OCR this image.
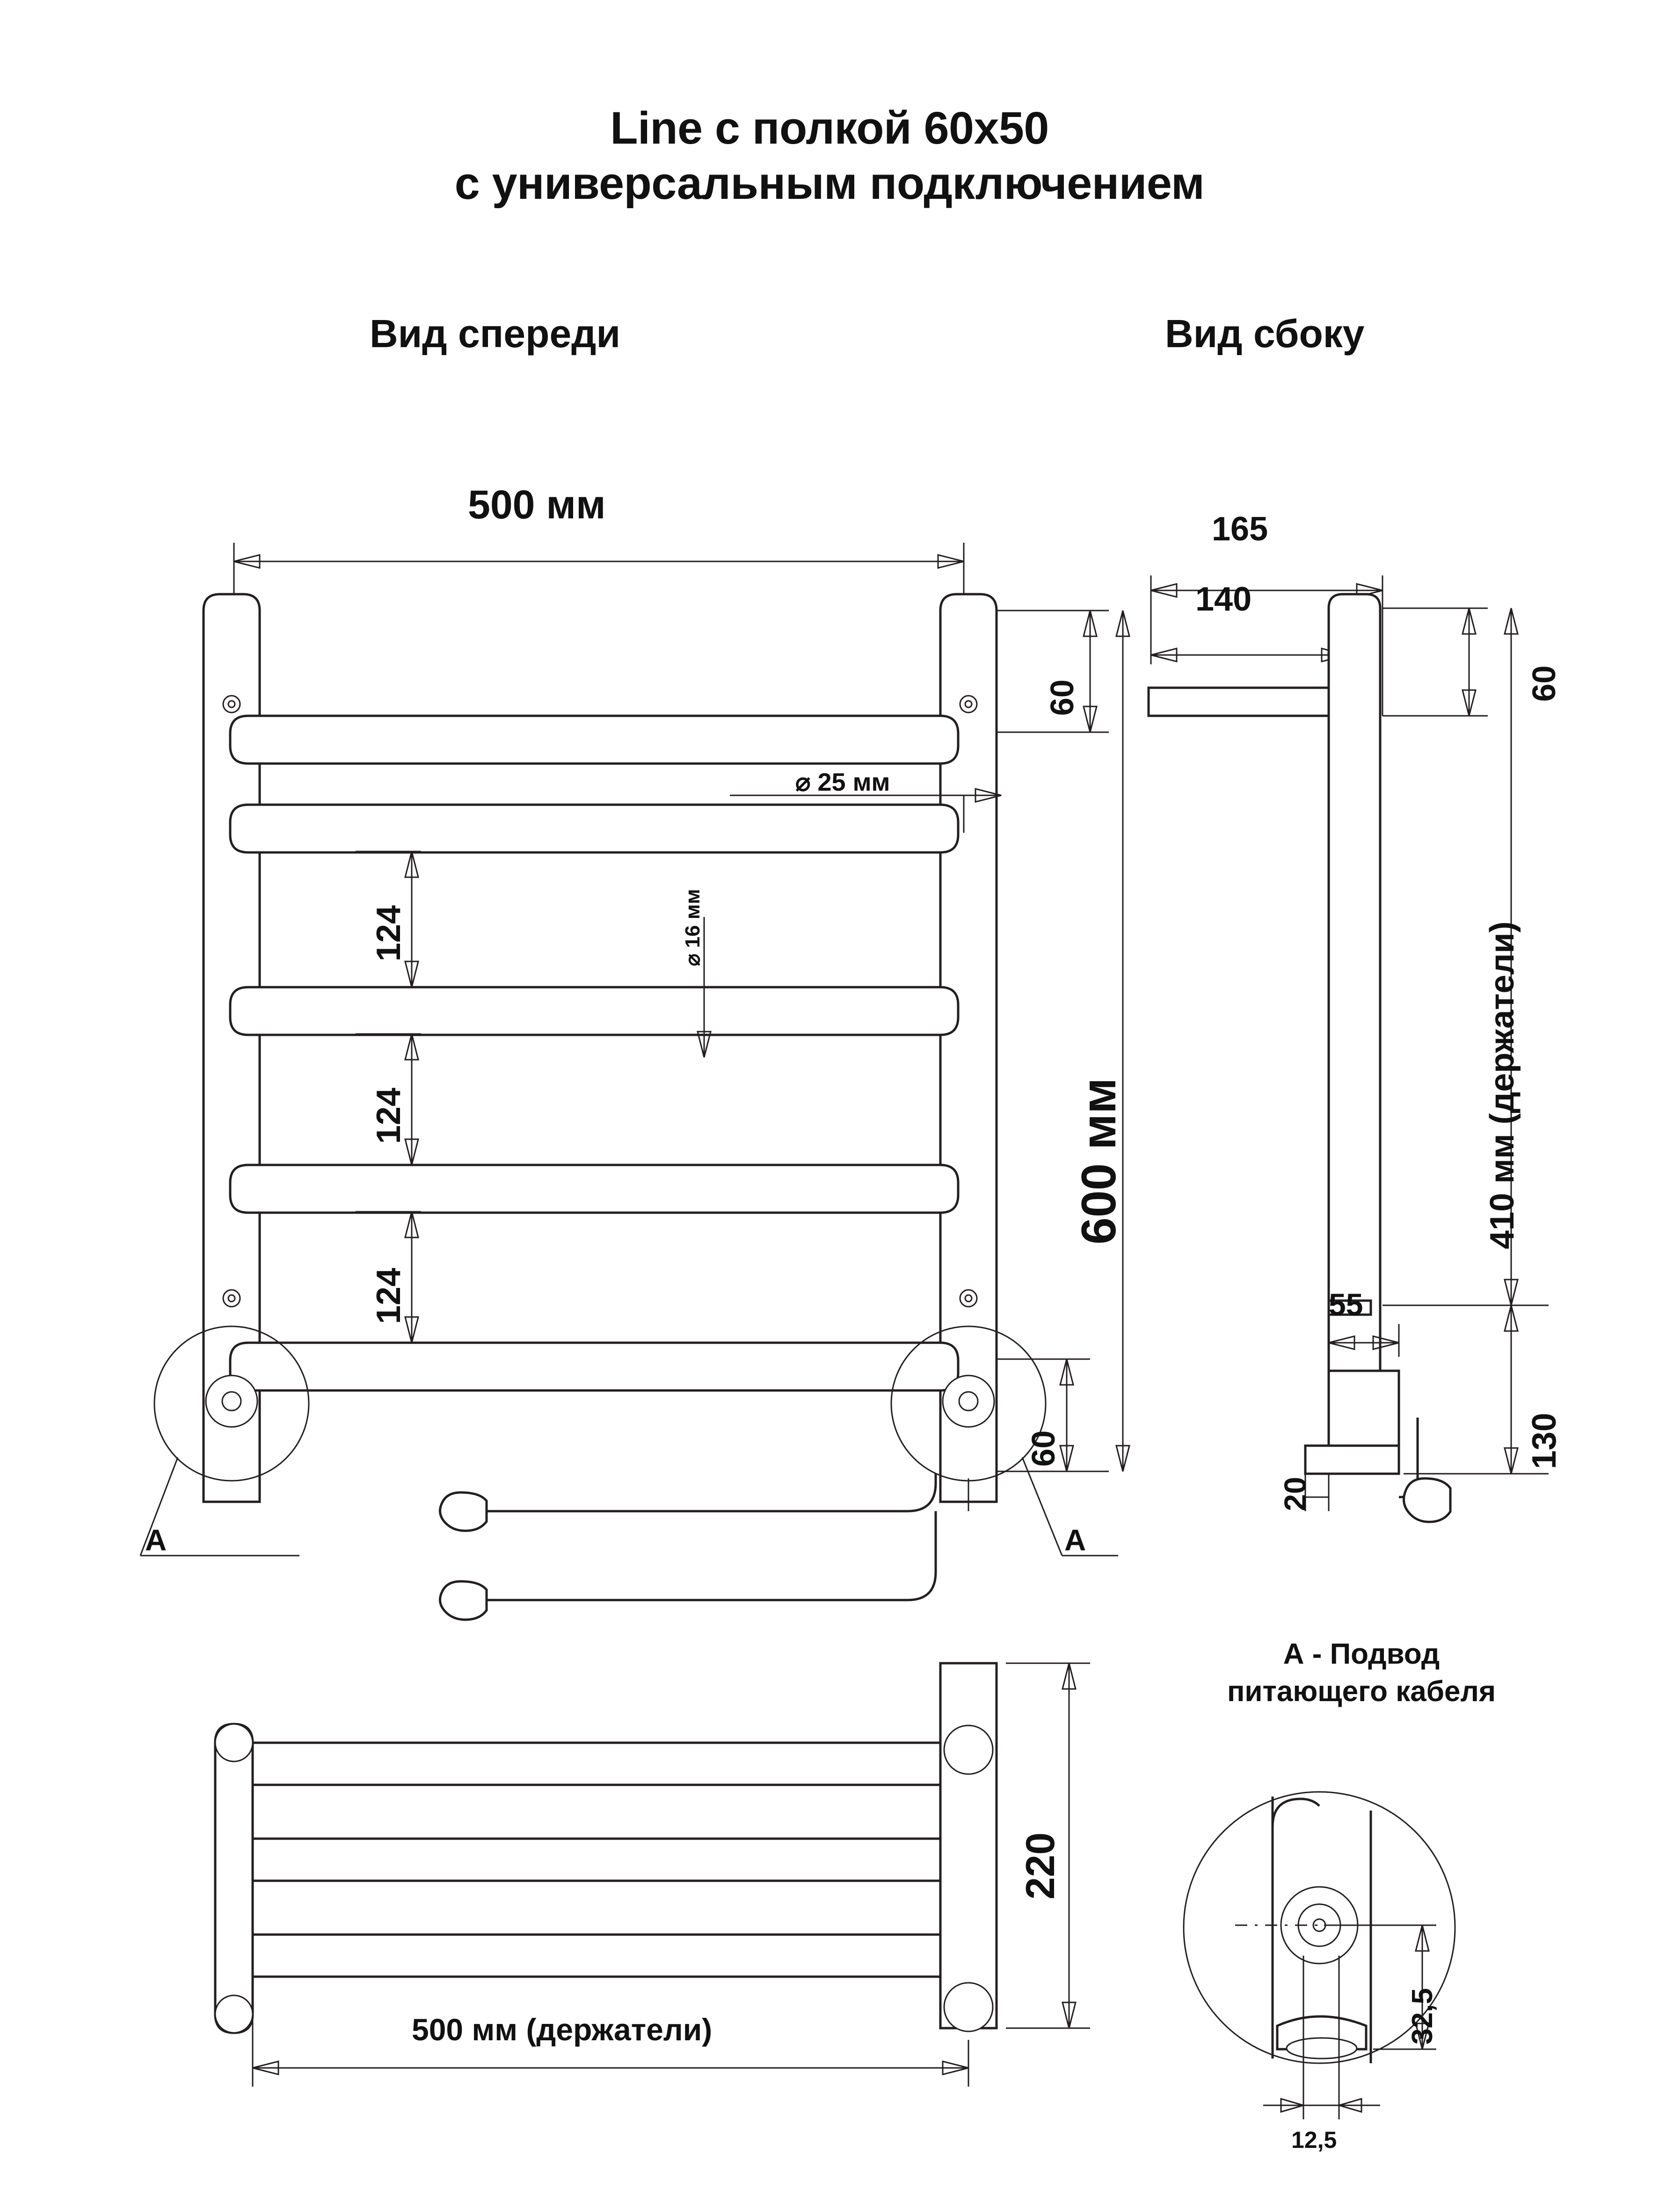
Line с полкой 60х50
с универсальным подключением
Вид спереди	Вид сбоку
500 мм
60
600 мм
60
⌀ 25 мм
⌀ 16 мм
124
124
124
А	А
165
140
60
410 мм (держатели)
130
55
20
220
500 мм (держатели)
А - Подвод
питающего кабеля
32,5
12,5
